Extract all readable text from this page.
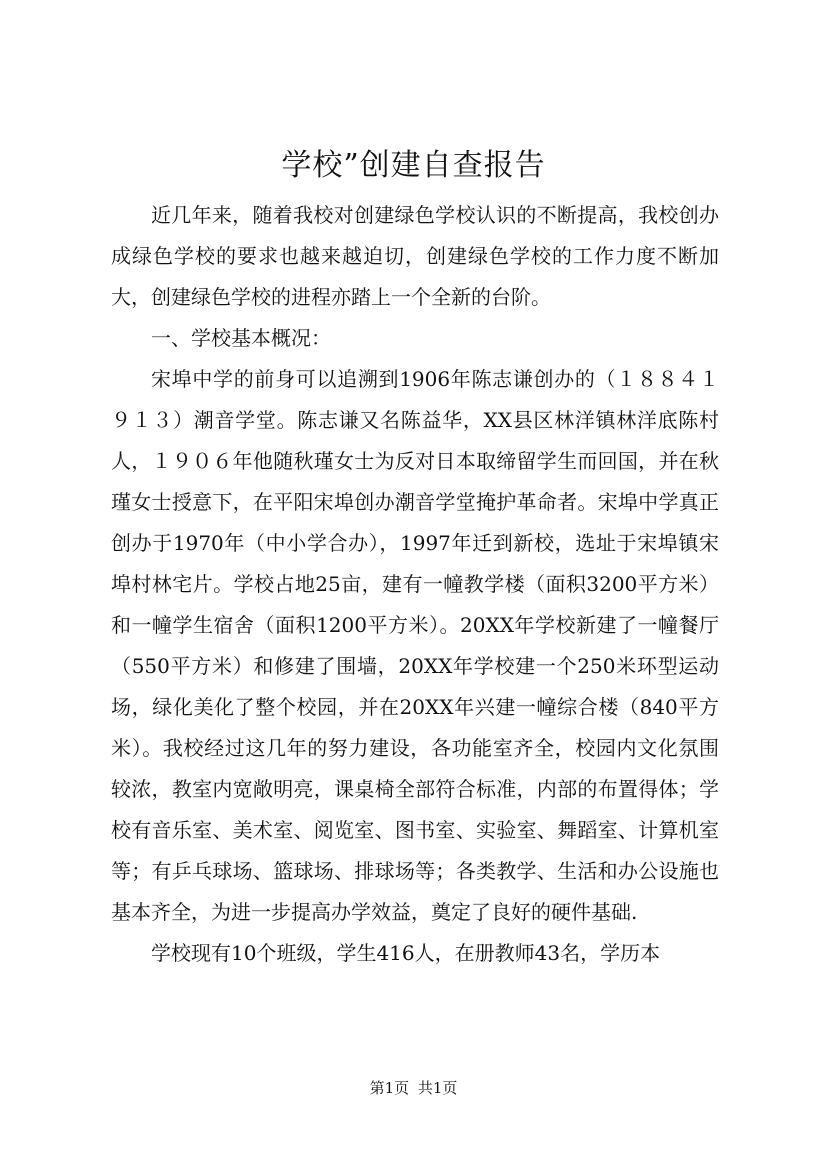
学校”创建自查报告

近几年来，随着我校对创建绿色学校认识的不断提高，我校创办成绿色学校的要求也越来越迫切，创建绿色学校的工作力度不断加大，创建绿色学校的进程亦踏上一个全新的台阶。

一、学校基本概况：

宋埠中学的前身可以追溯到1906年陈志谦创办的（１８８４１９１３）潮音学堂。陈志谦又名陈益华，XX县区林洋镇林洋底陈村人，１９０６年他随秋瑾女士为反对日本取缔留学生而回国，并在秋瑾女士授意下，在平阳宋埠创办潮音学堂掩护革命者。宋埠中学真正创办于1970年（中小学合办），1997年迁到新校，选址于宋埠镇宋埠村林宅片。学校占地25亩，建有一幢教学楼（面积3200平方米）和一幢学生宿舍（面积1200平方米）。20XX年学校新建了一幢餐厅（550平方米）和修建了围墙，20XX年学校建一个250米环型运动场，绿化美化了整个校园，并在20XX年兴建一幢综合楼（840平方米）。我校经过这几年的努力建设，各功能室齐全，校园内文化氛围较浓，教室内宽敞明亮，课桌椅全部符合标准，内部的布置得体；学校有音乐室、美术室、阅览室、图书室、实验室、舞蹈室、计算机室等；有乒乓球场、篮球场、排球场等；各类教学、生活和办公设施也基本齐全，为进一步提高办学效益，奠定了良好的硬件基础.

学校现有10个班级，学生416人，在册教师43名，学历本

第1页 共1页
